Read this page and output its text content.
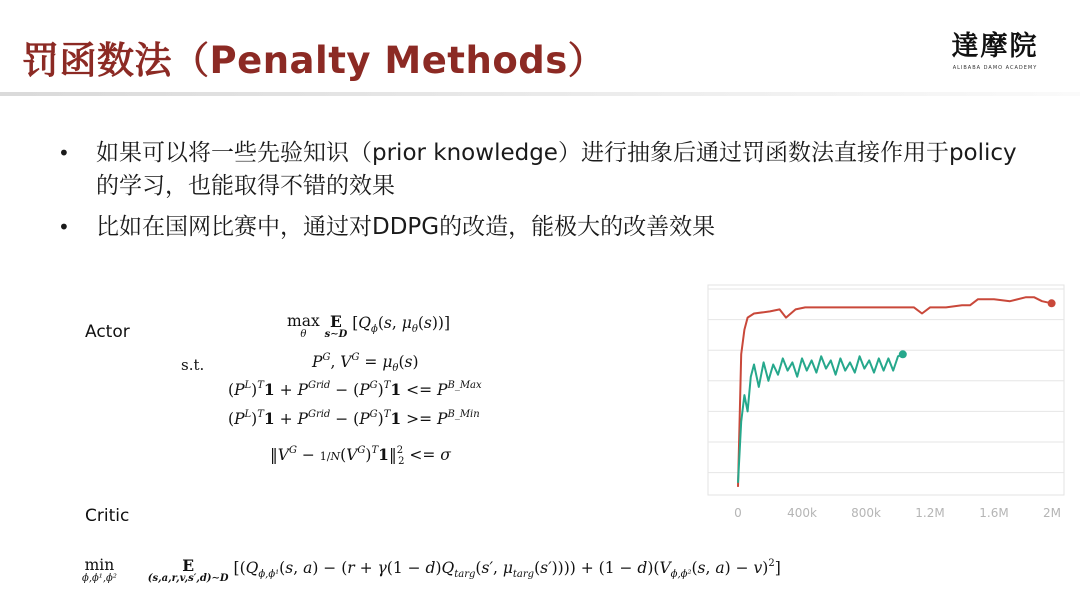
罚函数法（Penalty Methods）	達摩院
ALIBABA DAMO ACADEMY
•	如果可以将一些先验知识（prior knowledge）进行抽象后通过罚函数法直接作用于policy的学习，也能取得不错的效果
•	比如在国网比赛中，通过对DDPG的改造，能极大的改善效果
Actor
s.t.
Critic
max
θ
E
s∼D
[$Q_\phi(s$, $\mu_\theta(s)$)]
$P^G$, $V^G = \mu_\theta(s)$
$(P^L)^T1 + P^{Grid} - (P^G)^T1 <= P^{B\_Max}$
$(P^L)^T1 + P^{Grid} - (P^G)^T1 >= P^{B\_Min}$
$‖V^G$ − $1/N(V^G)^T1‖^2_2 <= \sigma$
min
ϕ,ϕ¹,ϕ²
E
(s,a,r,v,s′,d)∼D
[($Q_{\phi,\phi^1}(s$, $a) - (r + \gamma(1 - d)Q_{targ}(s'$, $\mu_{targ}(s')))) + (1 - d)(V_{\phi,\phi^2}(s$, a) − v)$^2$]
0	400k	800k	1.2M	1.6M	2M
